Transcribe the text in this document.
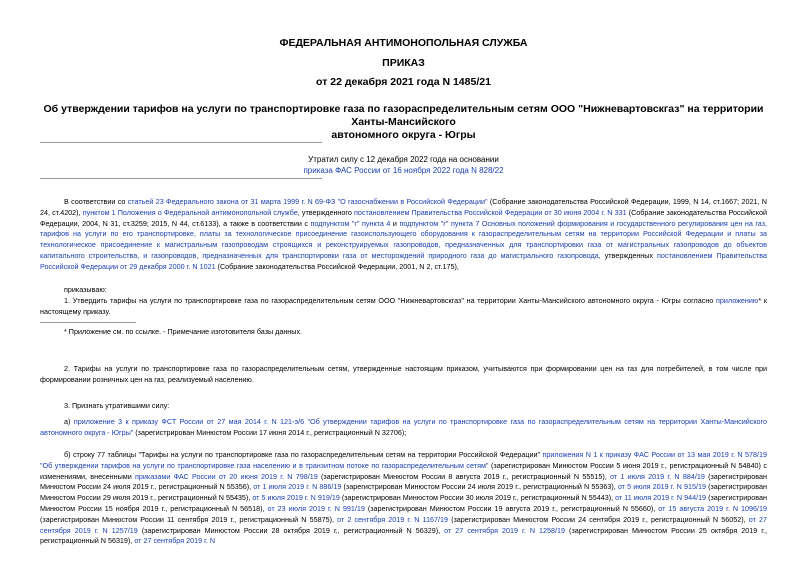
ФЕДЕРАЛЬНАЯ АНТИМОНОПОЛЬНАЯ СЛУЖБА
ПРИКАЗ
от 22 декабря 2021 года N 1485/21
Об утверждении тарифов на услуги по транспортировке газа по газораспределительным сетям ООО "Нижневартовскгаз" на территории Ханты-Мансийского
автономного округа - Югры
Утратил силу с 12 декабря 2022 года на основании
приказа ФАС России от 16 ноября 2022 года N 828/22
В соответствии со статьей 23 Федерального закона от 31 марта 1999 г. N 69-ФЗ "О газоснабжении в Российской Федерации" (Собрание законодательства Российской Федерации, 1999, N 14, ст.1667; 2021, N 24, ст.4202), пунктом 1 Положения о Федеральной антимонопольной службе, утвержденного постановлением Правительства Российской Федерации от 30 июня 2004 г. N 331 (Собрание законодательства Российской Федерации, 2004, N 31, ст.3259; 2015, N 44, ст.6133), а также в соответствии с подпунктом "г" пункта 4 и подпунктом "г" пункта 7 Основных положений формирования и государственного регулирования цен на газ, тарифов на услуги по его транспортировке, платы за технологическое присоединение газоиспользующего оборудования к газораспределительным сетям на территории Российской Федерации и платы за технологическое присоединение к магистральным газопроводам строящихся и реконструируемых газопроводов, предназначенных для транспортировки газа от магистральных газопроводов до объектов капитального строительства, и газопроводов, предназначенных для транспортировки газа от месторождений природного газа до магистрального газопровода, утвержденных постановлением Правительства Российской Федерации от 29 декабря 2000 г. N 1021 (Собрание законодательства Российской Федерации, 2001, N 2, ст.175),
приказываю:
1. Утвердить тарифы на услуги по транспортировке газа по газораспределительным сетям ООО "Нижневартовскгаз" на территории Ханты-Мансийского автономного округа - Югры согласно приложению* к настоящему приказу.
* Приложение см. по ссылке. - Примечание изготовителя базы данных.
2. Тарифы на услуги по транспортировке газа по газораспределительным сетям, утвержденные настоящим приказом, учитываются при формировании цен на газ для потребителей, в том числе при формировании розничных цен на газ, реализуемый населению.
3. Признать утратившими силу:
а) приложение 3 к приказу ФСТ России от 27 мая 2014 г. N 121-э/6 "Об утверждении тарифов на услуги по транспортировке газа по газораспределительным сетям на территории Ханты-Мансийского автономного округа - Югры" (зарегистрирован Минюстом России 17 июня 2014 г., регистрационный N 32706);
б) строку 77 таблицы "Тарифы на услуги по транспортировке газа по газораспределительным сетям на территории Российской Федерации" приложения N 1 к приказу ФАС России от 13 мая 2019 г. N 578/19 "Об утверждении тарифов на услуги по транспортировке газа населению и в транзитном потоке по газораспределительным сетям" (зарегистрирован Минюстом России 5 июня 2019 г., регистрационный N 54840) с изменениями, внесенными приказами ФАС России от 20 июня 2019 г. N 798/19 (зарегистрирован Минюстом России 8 августа 2019 г., регистрационный N 55515), от 1 июля 2019 г. N 884/19 (зарегистрирован Минюстом России 24 июля 2019 г., регистрационный N 55356), от 1 июля 2019 г. N 886/19 (зарегистрирован Минюстом России 24 июля 2019 г., регистрационный N 55363), от 5 июля 2019 г. N 915/19 (зарегистрирован Минюстом России 29 июля 2019 г., регистрационный N 55435), от 5 июля 2019 г. N 919/19 (зарегистрирован Минюстом России 30 июля 2019 г., регистрационный N 55443), от 11 июля 2019 г. N 944/19 (зарегистрирован Минюстом России 15 ноября 2019 г., регистрационный N 56518), от 23 июля 2019 г. N 991/19 (зарегистрирован Минюстом России 19 августа 2019 г., регистрационный N 55660), от 15 августа 2019 г. N 1096/19 (зарегистрирован Минюстом России 11 сентября 2019 г., регистрационный N 55875), от 2 сентября 2019 г. N 1167/19 (зарегистрирован Минюстом России 24 сентября 2019 г., регистрационный N 56052), от 27 сентября 2019 г. N 1257/19 (зарегистрирован Минюстом России 28 октября 2019 г., регистрационный N 56329), от 27 сентября 2019 г. N 1258/19 (зарегистрирован Минюстом России 25 октября 2019 г., регистрационный N 56319), от 27 сентября 2019 г. N
